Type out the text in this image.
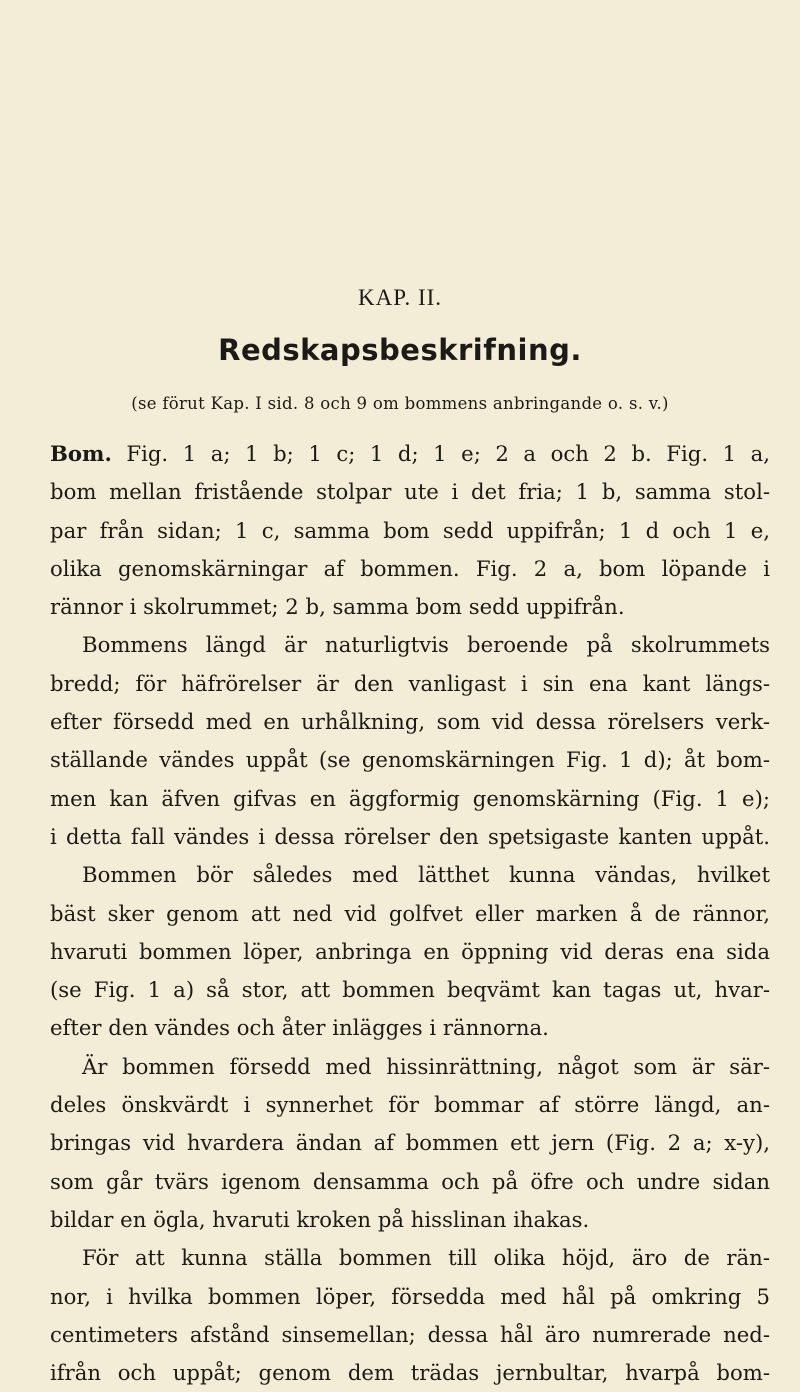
KAP. II.
Redskapsbeskrifning.
(se förut Kap. I sid. 8 och 9 om bommens anbringande o. s. v.)
Bom. Fig. 1 a; 1 b; 1 c; 1 d; 1 e; 2 a och 2 b. Fig. 1 a,
bom mellan fristående stolpar ute i det fria; 1 b, samma stol-
par från sidan; 1 c, samma bom sedd uppifrån; 1 d och 1 e,
olika genomskärningar af bommen. Fig. 2 a, bom löpande i
rännor i skolrummet; 2 b, samma bom sedd uppifrån.
Bommens längd är naturligtvis beroende på skolrummets
bredd; för häfrörelser är den vanligast i sin ena kant längs-
efter försedd med en urhålkning, som vid dessa rörelsers verk-
ställande vändes uppåt (se genomskärningen Fig. 1 d); åt bom-
men kan äfven gifvas en äggformig genomskärning (Fig. 1 e);
i detta fall vändes i dessa rörelser den spetsigaste kanten uppåt.
Bommen bör således med lätthet kunna vändas, hvilket
bäst sker genom att ned vid golfvet eller marken å de rännor,
hvaruti bommen löper, anbringa en öppning vid deras ena sida
(se Fig. 1 a) så stor, att bommen beqvämt kan tagas ut, hvar-
efter den vändes och åter inlägges i rännorna.
Är bommen försedd med hissinrättning, något som är sär-
deles önskvärdt i synnerhet för bommar af större längd, an-
bringas vid hvardera ändan af bommen ett jern (Fig. 2 a; x-y),
som går tvärs igenom densamma och på öfre och undre sidan
bildar en ögla, hvaruti kroken på hisslinan ihakas.
För att kunna ställa bommen till olika höjd, äro de rän-
nor, i hvilka bommen löper, försedda med hål på omkring 5
centimeters afstånd sinsemellan; dessa hål äro numrerade ned-
ifrån och uppåt; genom dem trädas jernbultar, hvarpå bom-
